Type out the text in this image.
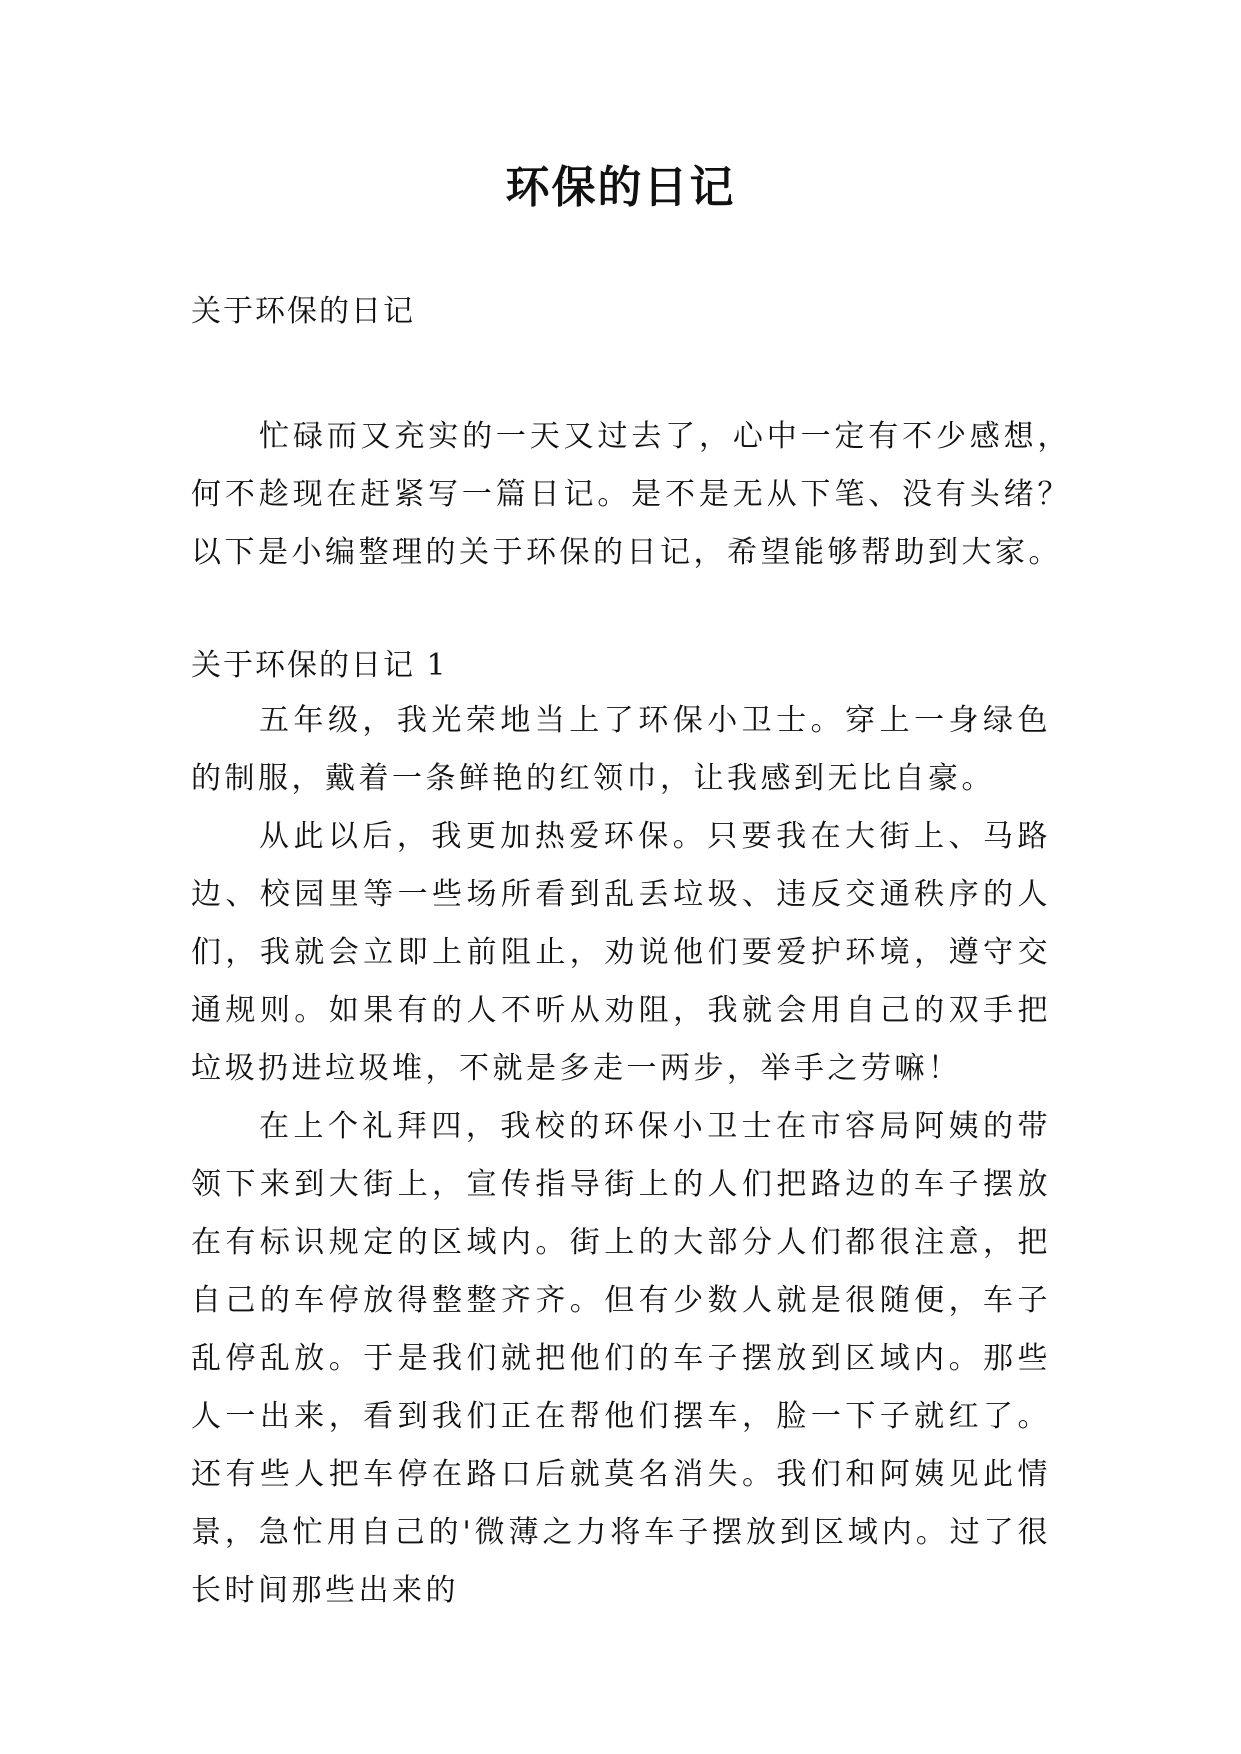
环保的日记

关于环保的日记

忙碌而又充实的一天又过去了，心中一定有不少感想，何不趁现在赶紧写一篇日记。是不是无从下笔、没有头绪？以下是小编整理的关于环保的日记，希望能够帮助到大家。

关于环保的日记 1

五年级，我光荣地当上了环保小卫士。穿上一身绿色的制服，戴着一条鲜艳的红领巾，让我感到无比自豪。

从此以后，我更加热爱环保。只要我在大街上、马路边、校园里等一些场所看到乱丢垃圾、违反交通秩序的人们，我就会立即上前阻止，劝说他们要爱护环境，遵守交通规则。如果有的人不听从劝阻，我就会用自己的双手把垃圾扔进垃圾堆，不就是多走一两步，举手之劳嘛！

在上个礼拜四，我校的环保小卫士在市容局阿姨的带领下来到大街上，宣传指导街上的人们把路边的车子摆放在有标识规定的区域内。街上的大部分人们都很注意，把自己的车停放得整整齐齐。但有少数人就是很随便，车子乱停乱放。于是我们就把他们的车子摆放到区域内。那些人一出来，看到我们正在帮他们摆车，脸一下子就红了。还有些人把车停在路口后就莫名消失。我们和阿姨见此情景，急忙用自己的'微薄之力将车子摆放到区域内。过了很长时间那些出来的
